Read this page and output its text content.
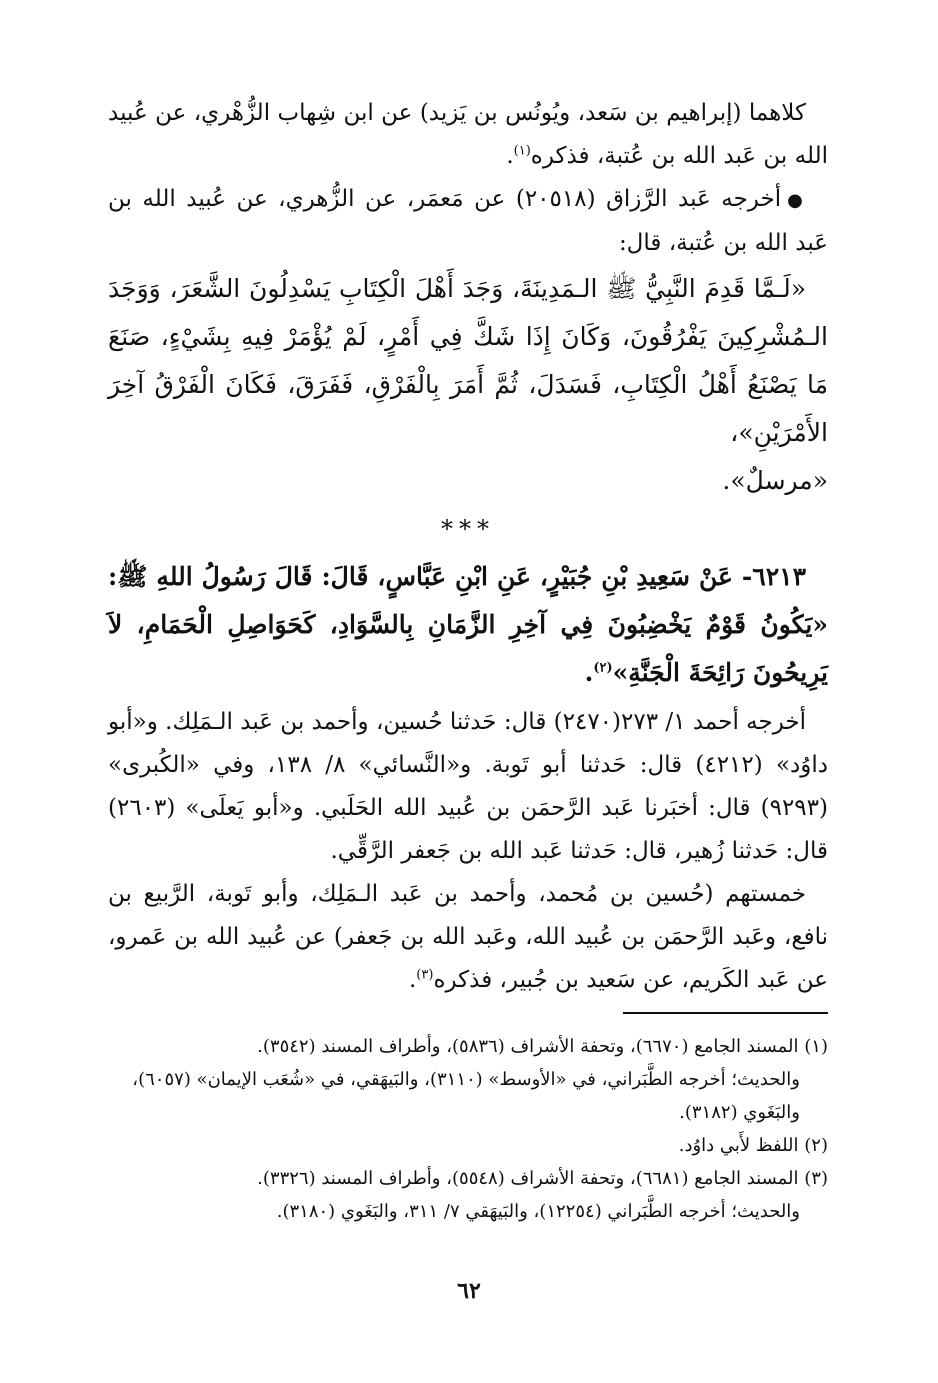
كلاهما (إبراهيم بن سَعد، ويُونُس بن يَزيد) عن ابن شِهاب الزُّهْري، عن عُبيد الله بن عَبد الله بن عُتبة، فذكره$^{(١)}$.

●أخرجه عَبد الرَّزاق (٢٠٥١٨) عن مَعمَر، عن الزُّهري، عن عُبيد الله بن عَبد الله بن عُتبة، قال:

«لَـمَّا قَدِمَ النَّبِيُّ ﷺ الـمَدِينَةَ، وَجَدَ أَهْلَ الْكِتَابِ يَسْدِلُونَ الشَّعَرَ، وَوَجَدَ الـمُشْرِكِينَ يَفْرُقُونَ، وَكَانَ إِذَا شَكَّ فِي أَمْرٍ، لَمْ يُؤْمَرْ فِيهِ بِشَيْءٍ، صَنَعَ مَا يَصْنَعُ أَهْلُ الْكِتَابِ، فَسَدَلَ، ثُمَّ أَمَرَ بِالْفَرْقِ، فَفَرَقَ، فَكَانَ الْفَرْقُ آخِرَ الأَمْرَيْنِ»،
«مرسلٌ».

***

٦٢١٣- عَنْ سَعِيدِ بْنِ جُبَيْرٍ، عَنِ ابْنِ عَبَّاسٍ، قَالَ: قَالَ رَسُولُ اللهِ ﷺ: «يَكُونُ قَوْمٌ يَخْضِبُونَ فِي آخِرِ الزَّمَانِ بِالسَّوَادِ، كَحَوَاصِلِ الْحَمَامِ، لاَ يَرِيحُونَ رَائِحَةَ الْجَنَّةِ»$^{(٢)}$.

أخرجه أحمد ١/ ٢٧٣(٢٤٧٠) قال: حَدثنا حُسين، وأحمد بن عَبد الـمَلِك. و«أبو داوُد» (٤٢١٢) قال: حَدثنا أبو تَوبة. و«النَّسائي» ٨/ ١٣٨، وفي «الكُبرى» (٩٢٩٣) قال: أخبَرنا عَبد الرَّحمَن بن عُبيد الله الحَلَبي. و«أبو يَعلَى» (٢٦٠٣) قال: حَدثنا زُهير، قال: حَدثنا عَبد الله بن جَعفر الرَّقِّي.

خمستهم (حُسين بن مُحمد، وأحمد بن عَبد الـمَلِك، وأبو تَوبة، الرَّبيع بن نافع، وعَبد الرَّحمَن بن عُبيد الله، وعَبد الله بن جَعفر) عن عُبيد الله بن عَمرو، عن عَبد الكَريم، عن سَعيد بن جُبير، فذكره$^{(٣)}$.

(١) المسند الجامع (٦٦٧٠)، وتحفة الأشراف (٥٨٣٦)، وأطراف المسند (٣٥٤٢).

والحديث؛ أخرجه الطَّبَراني، في «الأوسط» (٣١١٠)، والبَيهَقي، في «شُعَب الإيمان» (٦٠٥٧)، والبَغَوي (٣١٨٢).

(٢) اللفظ لأَبي داوُد.

(٣) المسند الجامع (٦٦٨١)، وتحفة الأشراف (٥٥٤٨)، وأطراف المسند (٣٣٢٦).

والحديث؛ أخرجه الطَّبَراني (١٢٢٥٤)، والبَيهَقي ٧/ ٣١١، والبَغَوي (٣١٨٠).

٦٢
